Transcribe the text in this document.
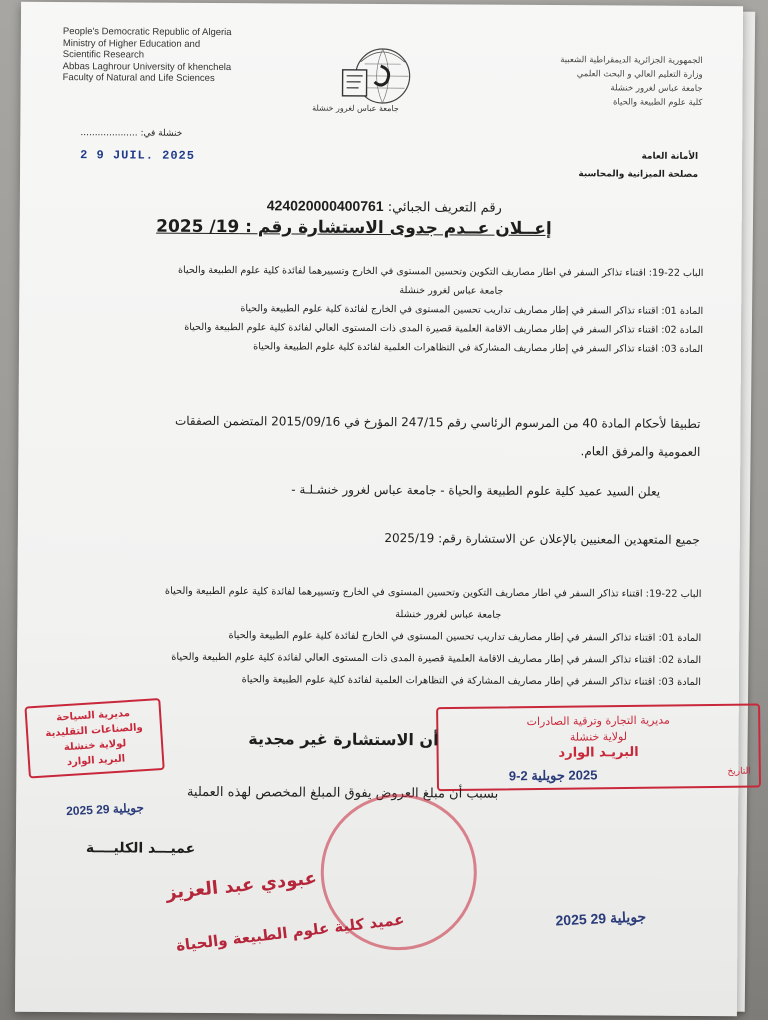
People's Democratic Republic of Algeria
Ministry of Higher Education and
Scientific Research
Abbas Laghrour University of khenchela
Faculty of Natural and Life Sciences
جامعة عباس لغرور خنشلة
الجمهورية الجزائرية الديمقراطية الشعبية
وزارة التعليم العالي و البحث العلمي
جامعة عباس لغرور خنشلة
كلية علوم الطبيعة والحياة
خنشلة في: ....................
2 9 JUIL. 2025	الأمانة العامة
مصلحة الميزانية والمحاسبة
رقم التعريف الجبائي: 424020000400761
إعــلان عــدم جدوى الاستشارة رقم : 19/ 2025
الباب 22-19: اقتناء تذاكر السفر في اطار مصاريف التكوين وتحسين المستوى في الخارج وتسييرهما لفائدة كلية علوم الطبيعة والحياة
جامعة عباس لغرور خنشلة
المادة 01: اقتناء تذاكر السفر في إطار مصاريف تداريب تحسين المستوى في الخارج لفائدة كلية علوم الطبيعة والحياة
المادة 02: اقتناء تذاكر السفر في إطار مصاريف الاقامة العلمية قصيرة المدى ذات المستوى العالي لفائدة كلية علوم الطبيعة والحياة
المادة 03: اقتناء تذاكر السفر في إطار مصاريف المشاركة في التظاهرات العلمية لفائدة كلية علوم الطبيعة والحياة
تطبيقا لأحكام المادة 40 من المرسوم الرئاسي رقم 247/15 المؤرخ في 2015/09/16 المتضمن الصفقات
العمومية والمرفق العام.
يعلن السيد عميد كلية علوم الطبيعة والحياة - جامعة عباس لغرور خنشـلـة -
جميع المتعهدين المعنيين بالإعلان عن الاستشارة رقم: 2025/19
الباب 22-19: اقتناء تذاكر السفر في اطار مصاريف التكوين وتحسين المستوى في الخارج وتسييرهما لفائدة كلية علوم الطبيعة والحياة
جامعة عباس لغرور خنشلة
المادة 01: اقتناء تذاكر السفر في إطار مصاريف تداريب تحسين المستوى في الخارج لفائدة كلية علوم الطبيعة والحياة
المادة 02: اقتناء تذاكر السفر في إطار مصاريف الاقامة العلمية قصيرة المدى ذات المستوى العالي لفائدة كلية علوم الطبيعة والحياة
المادة 03: اقتناء تذاكر السفر في إطار مصاريف المشاركة في التظاهرات العلمية لفائدة كلية علوم الطبيعة والحياة
مديرية السياحة والصناعات التقليدية
لولاية خنشلة
البريد الوارد
2025 جويلية 29
مديرية التجارة وترقية الصادرات
لولاية خنشلة
البريـد الوارد
التاريخ
2025 جويلية 2-9
أن الاستشارة غير مجدية
بسبب أن مبلغ العروض يفوق المبلغ المخصص لهذه العملية
عميـــد الكليــــة
عبودي عبد العزيز
عميد كلية علوم الطبيعة والحياة	2025 جويلية 29
